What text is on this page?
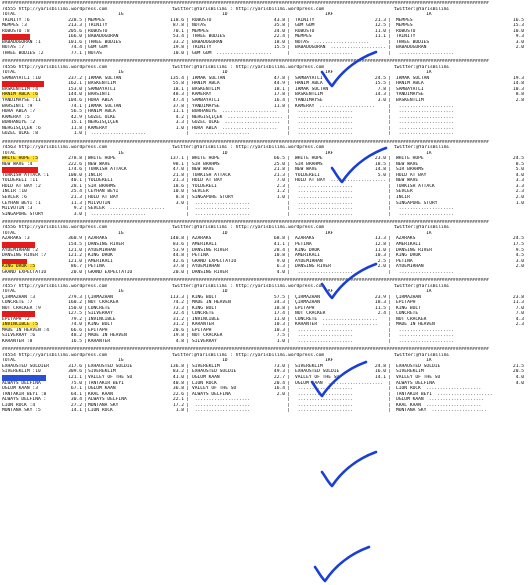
################################################################################################################################################################################
74555 http://yarisbilimi.wordpress.com	twitter:@YarisBilimi : http://yarisbilimi.wordpress.com	twitter:@YarisBilimi
TOTAL	1G	1D	1RF	1A
TRINITY :6	228.5 | MEMPES	118.6 | ROBUSTO	43.8 | TRINITY	21.3 | MEMPES	16.5
MEMPES :3	213.3 | TRINITY	87.8 | NOTAS	35.8 | GÜM GÜM	12.5 | MEMPES	15.3
ROBUSTO :8	205.6 | ROBUSTO	70.1 | MEMPES	34.0 | ROBUSTO	11.0 | ROBUSTO	10.0
GÜM GÜM :9	166.0 | BABADOGURAN	53.4 | THREE BODIES	22.4 | MEMPES	11.1 | TRINITY	9.3
BABADOGURAN :1	101.6 | THREE BODIES	33.2 | BABADOGURAN	18.0 | NOTAS ....................	| THREE BODIES	3.0
NOTAS :7	74.4 | GÜM GÜM	19.8 | TRINITY	15.5 | BABADOGURAN .................... | BABADOGURAN	2.0
THREE BODIES :2	77.1 | NOTAS	10.0 | GÜM GÜM ....................	| ....................	| ....................
################################################################################################################################################################################
74556 http://yarisbilimi.wordpress.com	twitter:@YarisBilimi : http://yarisbilimi.wordpress.com	twitter:@YarisBilimi
TOTAL	1G	1D	1RF	1A
SAMBAYATLI :10	237.2 | IRMAK SULTAN	135.4 | IRMAK SULTAN	47.8 | SAMBAYATLI	24.5 | IRMAK SULTAN	19.3
IRMAK SULTAN :4	162.1 | BASKENTLIM	55.8 | HANIM ABLA	44.9 | HANIM ABLA	15.5 | HANIM ABLA	14.8
BASKENTLIM :4	153.0 | SAMBAYATLI	18.1 | BASKENTLIM	18.1 | IRMAK SULTAN	7.8 | SAMBAYATLI	10.3
HANIM ABLA :6	144.0 | BARSINTI	48.3 | KAMERAY	17.8 | BASKENTLIM	14.3 | YANDIMAYSE	8.8
YANDIMAYSE :11	104.6 | HURA ABLA	47.4 | SAMBAYATLI	16.4 | YANDIMAYSE	3.0 | BASKENTLIM	2.8
BARSINTI :9	74.1 | IRMAK SULTAN	37.8 | YANDIMAYSE	11.8 | KAMERAY ....................	| ....................
HURA ABLA :7	56.5 | HANIM ABLA	11.1 | BURHANIYE .................... | ....................	| ....................
KAMERAY :5	42.9 | GÜZEL ÜLKE	4.2 | NERGISÇIÇEK .................... | ....................	| ....................
BURHANIYE :2	15.1 | NERGISÇIÇEK	3.3 | GÜZEL ÜLKE .................... | ....................	| ....................
NERGISÇIÇEK :6	11.8 | KAMERAY	1.0 | HURA ABLA .................... | ....................	| ....................
GÜZEL ÜLKE :8	1.0 | ....................	| ....................	| ....................	| ....................
################################################################################################################################################################################
74563 http://yarisbilimi.wordpress.com	twitter:@YarisBilimi : http://yarisbilimi.wordpress.com	twitter:@YarisBilimi
TOTAL	1G	1D	1RF	1A
WHITE HOPE :5	278.8 | WHITE HOPE	137.1 | WHITE HOPE	66.5 | WHITE HOPE	23.0 | WHITE HOPE	24.5
NEW WAVE :4	222.6 | NEW WAVE	98.1 | SIR BRAHMS	25.0 | SIR BRAHMS	18.5 | NEW WAVE	8.5
SIR BRAHMS :3	174.6 | TURKISH ATTACK	47.0 | NEW WAVE	21.8 | NEW WAVE	14.8 | SIR BRAHMS	5.0
TURKISH ATTACK :1	100.0 | INCIR	21.8 | TURKISH ATTACK	21.3 | YOLDERELI	5.0 | HOLD AT BAY	4.0
YOLDERELI :11	40.1 | YOLDERELI	21.3 | HOLD AT BAY	7.0 | HOLD AT BAY .................... | NEW WAVE	3.3
HOLD AT BAY :2	28.1 | SIR BRAHMS	18.6 | YOLDERELI	2.3 | ....................	| TURKISH ATTACK	3.3
INCIR :10	25.4 | CEYHAN BEYI	10.0 | SEVLER	1.2 | ....................	| SEVLER	2.3
SEVLER :6	21.3 | HOLD AT BAY	8.8 | SINGAPORE STORY	1.0 | ....................	| INCIR	2.0
CEYHAN BEYI :1	11.3 | MILVUTIN	3.0 | ....................	| ....................	| SINGAPORE STORY	1.0
MILVUTIN :3	9.2 | SEVLER ....................	| ....................	| ....................	| ....................
SINGAPORE STORY	3.0 | ....................	| ....................	| ....................	| ....................
################################################################################################################################################################################
74556 http://yarisbilimi.wordpress.com	twitter:@YarisBilimi : http://yarisbilimi.wordpress.com	twitter:@YarisBilimi
TOTAL	1G	1D	1RF	1A
AZARAKS :3	360.9 | AZARAKS	140.8 | AZARAKS	68.8 | AZARAKS	13.3 | AZARAKS	24.5
AMERIKALI :8	154.5 | DANSING RIVER	83.6 | AMERIKALI	41.1 | PETINA	12.8 | AMERIKALI	17.5
AYDEMIRHAN :2	121.0 | AYDEMIRHAN	53.9 | DANSING RIVER	28.4 | KING DROK	11.0 | DANSING RIVER	9.5
DANSING RIVER :7	121.2 | KING DROK	44.8 | PETINA	10.8 | AMERIKALI	10.3 | KING DROK	4.5
PETINA :6	121.0 | AMERIKALI	42.6 | GRAND EXPECTATIO	9.0 | AYDEMIRHAN	2.5 | PETINA	3.0
KING DROK :5	86.7 | PETINA	37.8 | AYDEMIRHAN	6.3 | DANSING RIVER	2.0 | AYDEMIRHAN	2.0
GRAND EXPECTATIO	20.0 | GRAND EXPECTATIO	20.0 | DANSING RIVER	4.0 | ....................	| ....................
################################################################################################################################################################################
74557 http://yarisbilimi.wordpress.com	twitter:@YarisBilimi : http://yarisbilimi.wordpress.com	twitter:@YarisBilimi
TOTAL	1G	1D	1RF	1A
ÇIRMAZHAN :3	279.3 | ÇIRMAZHAN	113.3 | KING BOLT	57.5 | ÇIRMAZHAN	23.9 | ÇIRMAZHAN	23.8
CONCRETE :7	160.2 | NUT CRACKER	74.2 | MADE IN HEAVEN	34.3 | ÇIRMAZHAN	18.3 | EPITAPH	11.3
NUT CRACKER :9	150.0 | CONCRETE	73.3 | KING BOLT	18.8 | EPITAPH	11.5 | KING BOLT	7.0
KING BOLT :1	127.5 | SILVERRAY	32.4 | CONCRETE	17.4 | NUT CRACKER	2.4 | CONCRETE	7.0
EPITAPH :2	79.2 | INVINCIBLE	31.2 | INVINCIBLE	11.0 | CONCRETE .................... | NUT CRACKER	4.3
INVINCIBLE :5	74.0 | KING BOLT	31.2 | KARANTER	10.3 | KARANTER .................... | MADE IN HEAVEN	2.3
MADE IN HEAVEN :4	66.6 | EPITAPH	20.6 | EPITAPH	10.3 | ....................	| ....................
SILVERRAY :6	48.2 | MADE IN HEAVEN	19.8 | NUT CRACKER	7.5 | ....................	| ....................
KARANTER :8	16.5 | KARANTER	4.8 | SILVERRAY	1.0 | ....................	| ....................
################################################################################################################################################################################
74554 http://yarisbilimi.wordpress.com	twitter:@YarisBilimi : http://yarisbilimi.wordpress.com	twitter:@YarisBilimi
TOTAL	1G	1D	1RF	1A
EXHAUSTED SOLDIER	317.6 | EXHAUSTED SOLDIE	136.8 | SIVEREKLIM	73.0 | SIVEREKLIM	24.8 | EXHAUSTED SOLDIE	21.5
SIVEREKLIM :10	309.6 | SIVEREKLIM	83.2 | EXHAUSTED SOLDIE	49.3 | EXHAUSTED SOLDIE	16.0 | SIVEREKLIM	20.5
VALLEY OF THE SU	121.1 | VALLEY OF THE SU	41.0 | OGLUM KAAN	22.7 | VALLEY OF THE SU	14.1 | VALLEY OF THE SU	4.0
ALWAYS DELFINA	75.0 | TANTAKIR BEYI	40.8 | LION ROCK	20.4 | OGLUM KAAN .................... | ALWAYS DELFINA	4.0
OGLUM KAAN :3	67.1 | OGLUM KAAN	36.8 | VALLEY OF THE SU	16.4 | ....................	| LION ROCK ....................
TANTAKIR BEYI :8	64.1 | KRAL KAAN	22.6 | ALWAYS DELFINA	2.0 | ....................	| TANTAKIR BEYI ....................
ALWAYS DELFINA :	30.4 | ALWAYS DELFINA	22.1 | ....................	| ....................	| OGLUM KAAN ....................
LION ROCK :4	27.2 | MONTANA SKY	17.2 | ....................	| ....................	| KRAL KAAN ....................
MONTANA SKY :5	14.1 | LION ROCK	1.8 | ....................	| ....................	| MONTANA SKY ....................
